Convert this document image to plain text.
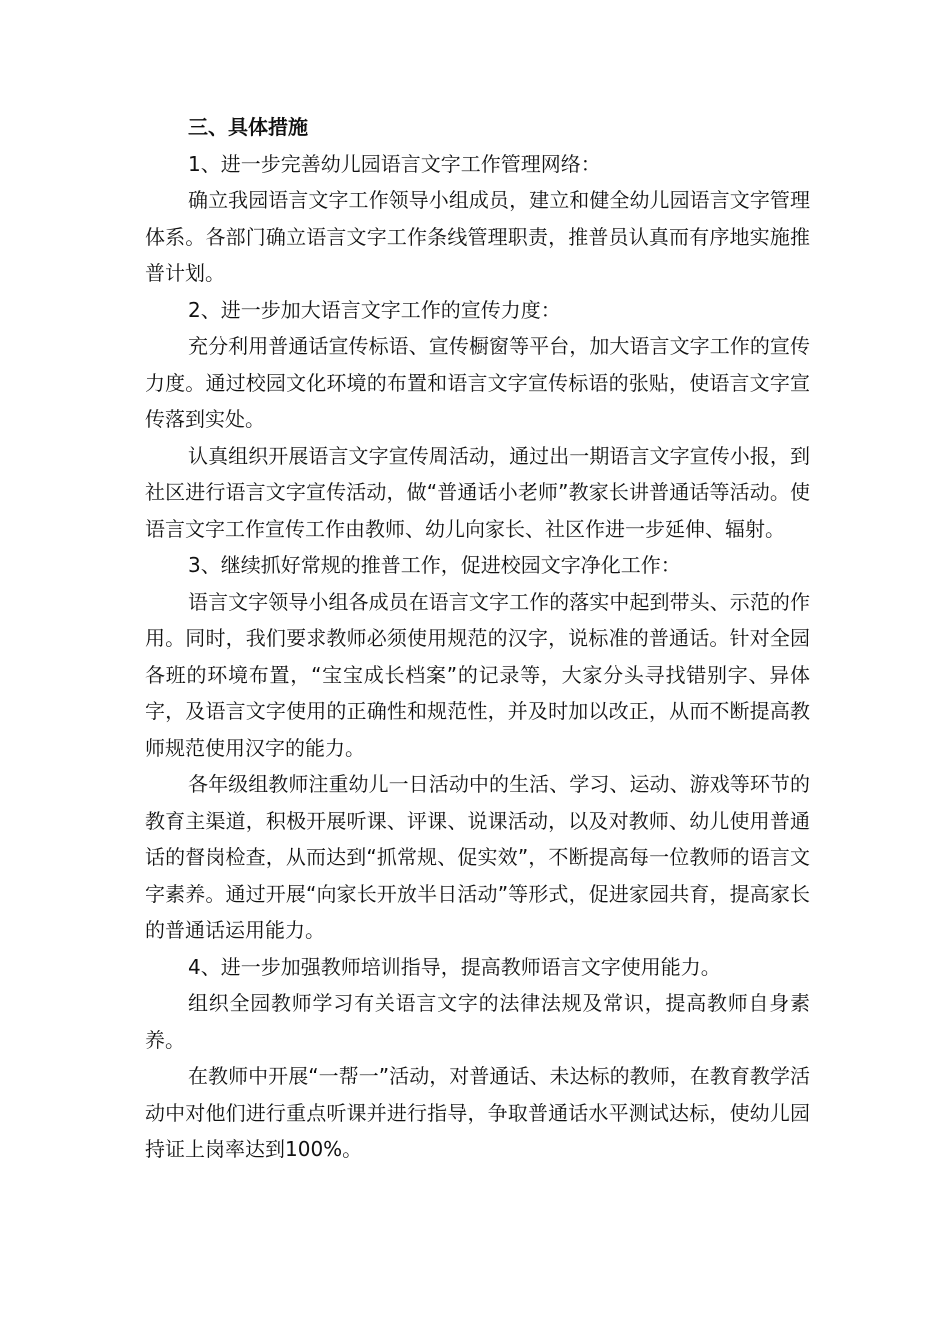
三、具体措施

1、进一步完善幼儿园语言文字工作管理网络：

确立我园语言文字工作领导小组成员，建立和健全幼儿园语言文字管理体系。各部门确立语言文字工作条线管理职责，推普员认真而有序地实施推普计划。

2、进一步加大语言文字工作的宣传力度：

充分利用普通话宣传标语、宣传橱窗等平台，加大语言文字工作的宣传力度。通过校园文化环境的布置和语言文字宣传标语的张贴，使语言文字宣传落到实处。

认真组织开展语言文字宣传周活动，通过出一期语言文字宣传小报，到社区进行语言文字宣传活动，做“普通话小老师”教家长讲普通话等活动。使语言文字工作宣传工作由教师、幼儿向家长、社区作进一步延伸、辐射。

3、继续抓好常规的推普工作，促进校园文字净化工作：

语言文字领导小组各成员在语言文字工作的落实中起到带头、示范的作用。同时，我们要求教师必须使用规范的汉字，说标准的普通话。针对全园各班的环境布置，“宝宝成长档案”的记录等，大家分头寻找错别字、异体字，及语言文字使用的正确性和规范性，并及时加以改正，从而不断提高教师规范使用汉字的能力。

各年级组教师注重幼儿一日活动中的生活、学习、运动、游戏等环节的教育主渠道，积极开展听课、评课、说课活动，以及对教师、幼儿使用普通话的督岗检查，从而达到“抓常规、促实效”，不断提高每一位教师的语言文字素养。通过开展“向家长开放半日活动”等形式，促进家园共育，提高家长的普通话运用能力。

4、进一步加强教师培训指导，提高教师语言文字使用能力。

组织全园教师学习有关语言文字的法律法规及常识，提高教师自身素养。

在教师中开展“一帮一”活动，对普通话、未达标的教师，在教育教学活动中对他们进行重点听课并进行指导，争取普通话水平测试达标，使幼儿园持证上岗率达到100%。
